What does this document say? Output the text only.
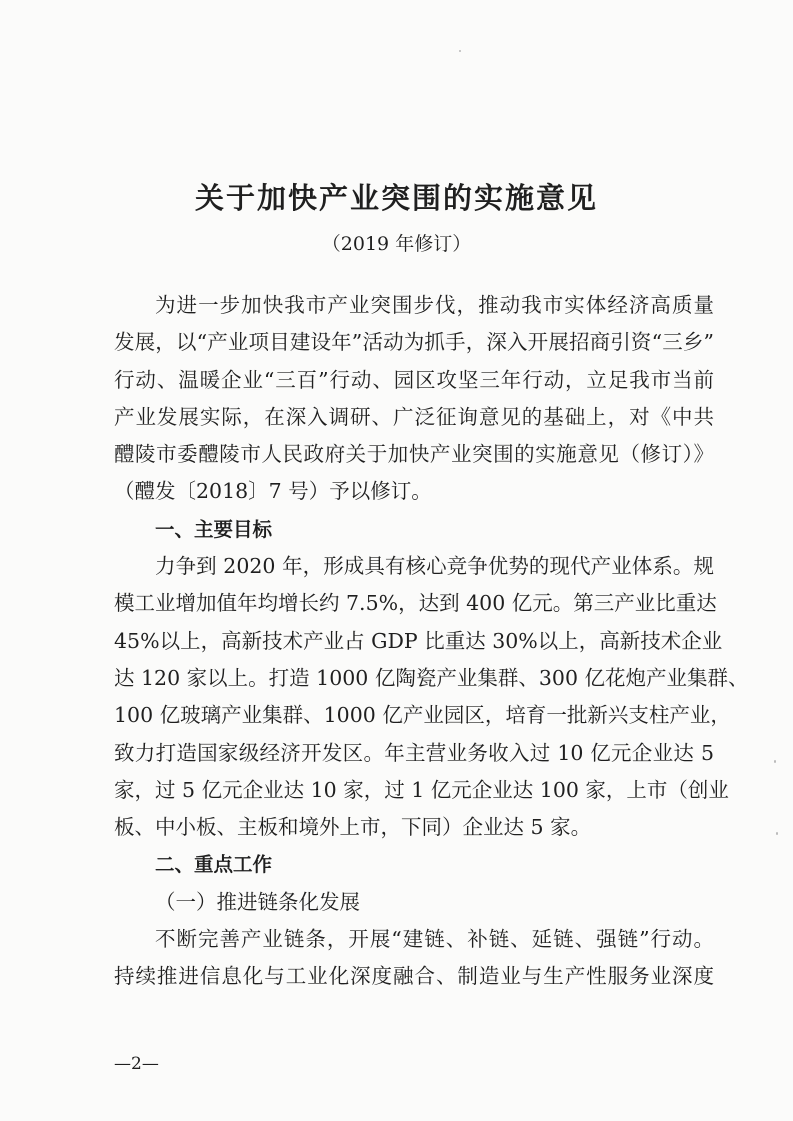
关于加快产业突围的实施意见
（2019 年修订）
为进一步加快我市产业突围步伐，推动我市实体经济高质量
发展，以“产业项目建设年”活动为抓手，深入开展招商引资“三乡”
行动、温暖企业“三百”行动、园区攻坚三年行动，立足我市当前
产业发展实际，在深入调研、广泛征询意见的基础上，对《中共
醴陵市委醴陵市人民政府关于加快产业突围的实施意见（修订）》
（醴发〔2018〕7 号）予以修订。
一、主要目标
力争到 2020 年，形成具有核心竞争优势的现代产业体系。规
模工业增加值年均增长约 7.5%，达到 400 亿元。第三产业比重达
45%以上，高新技术产业占 GDP 比重达 30%以上，高新技术企业
达 120 家以上。打造 1000 亿陶瓷产业集群、300 亿花炮产业集群、
100 亿玻璃产业集群、1000 亿产业园区，培育一批新兴支柱产业，
致力打造国家级经济开发区。年主营业务收入过 10 亿元企业达 5
家，过 5 亿元企业达 10 家，过 1 亿元企业达 100 家，上市（创业
板、中小板、主板和境外上市，下同）企业达 5 家。
二、重点工作
（一）推进链条化发展
不断完善产业链条，开展“建链、补链、延链、强链”行动。
持续推进信息化与工业化深度融合、制造业与生产性服务业深度
—2—
